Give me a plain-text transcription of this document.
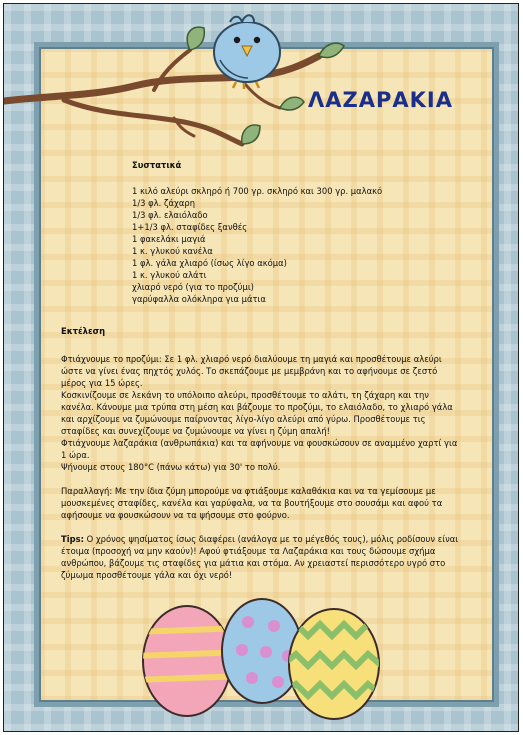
ΛΑΖΑΡΑΚΙΑ

Συστατικά

1 κιλό αλεύρι σκληρό ή 700 γρ. σκληρό και 300 γρ. μαλακό
1/3 φλ. ζάχαρη
1/3 φλ. ελαιόλαδο
1+1/3 φλ. σταφίδες ξανθές
1 φακελάκι μαγιά
1 κ. γλυκού κανέλα
1 φλ. γάλα χλιαρό (ίσως λίγο ακόμα)
1 κ. γλυκού αλάτι
χλιαρό νερό (για το προζύμι)
γαρύφαλλα ολόκληρα για μάτια

Εκτέλεση

Φτιάχνουμε το προζύμι: Σε 1 φλ. χλιαρό νερό διαλύουμε τη μαγιά και προσθέτουμε αλεύρι ώστε να γίνει ένας πηχτός χυλός. Το σκεπάζουμε με μεμβράνη και το αφήνουμε σε ζεστό μέρος για 15 ώρες.

Κοσκινίζουμε σε λεκάνη το υπόλοιπο αλεύρι, προσθέτουμε το αλάτι, τη ζάχαρη και την κανέλα. Κάνουμε μια τρύπα στη μέση και βάζουμε το προζύμι, το ελαιόλαδο, το χλιαρό γάλα και αρχίζουμε να ζυμώνουμε παίρνοντας λίγο-λίγο αλεύρι από γύρω. Προσθέτουμε τις σταφίδες και συνεχίζουμε να ζυμώνουμε να γίνει η ζύμη απαλή!

Φτιάχνουμε λαζαράκια (ανθρωπάκια) και τα αφήνουμε να φουσκώσουν σε αναμμένο χαρτί για 1 ώρα.

Ψήνουμε στους 180°C (πάνω κάτω) για 30' το πολύ.

Παραλλαγή: Με την ίδια ζύμη μπορούμε να φτιάξουμε καλαθάκια και να τα γεμίσουμε με μουσκεμένες σταφίδες, κανέλα και γαρύφαλα, να τα βουτήξουμε στο σουσάμι και αφού τα αφήσουμε να φουσκώσουν να τα ψήσουμε στο φούρνο.

Tips: Ο χρόνος ψησίματος ίσως διαφέρει (ανάλογα με το μέγεθός τους), μόλις ροδίσουν είναι έτοιμα (προσοχή να μην καούν)! Αφού φτιάξουμε τα Λαζαράκια και τους δώσουμε σχήμα ανθρώπου, βάζουμε τις σταφίδες για μάτια και στόμα. Αν χρειαστεί περισσότερο υγρό στο ζύμωμα προσθέτουμε γάλα και όχι νερό!
